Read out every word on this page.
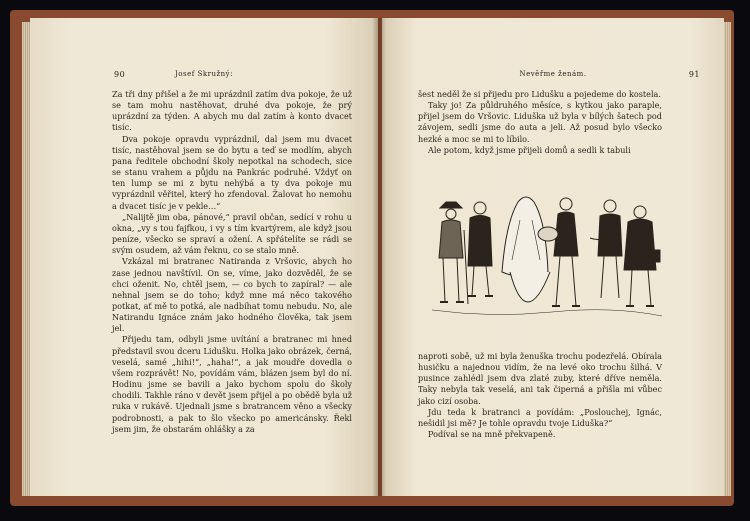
90	Josef Skružný:

Za tři dny přišel a že mi uprázdnil zatím dva pokoje, že už se tam mohu nastěhovat, druhé dva pokoje, že prý uprázdní za týden. A abych mu dal zatím à konto dvacet tisíc.

Dva pokoje opravdu vyprázdnil, dal jsem mu dvacet tisíc, nastěhoval jsem se do bytu a teď se modlím, abych pana ředitele obchodní školy nepotkal na schodech, sice se stanu vrahem a půjdu na Pankrác podruhé. Vždyť on ten lump se mi z bytu nehýbá a ty dva pokoje mu vyprázdnil věřitel, který ho zfendoval. Žalovat ho nemohu a dvacet tisíc je v pekle…“

„Nalijtě jim oba, pánové,“ pravil občan, sedící v rohu u okna, „vy s tou fajfkou, i vy s tím kvartýrem, ale když jsou peníze, všecko se spraví a ožení. A spřátelíte se rádi se svým osudem, až vám řeknu, co se stalo mně.

Vzkázal mi bratranec Natiranda z Vršovic, abych ho zase jednou navštívil. On se, víme, jako dozvěděl, že se chci oženit. No, chtěl jsem, — co bych to zapíral? — ale nehnal jsem se do toho; když mne má něco takového potkat, ať mě to potká, ale nadbíhat tomu nebudu. No, ale Natirandu Ignáce znám jako hodného člověka, tak jsem jel.

Přijedu tam, odbyli jsme uvítání a bratranec mi hned představil svou dceru Lidušku. Holka jako obrázek, černá, veselá, samé „hihi!“, „haha!“, a jak moudře dovedla o všem rozprávět! No, povídám vám, blázen jsem byl do ní. Hodinu jsme se bavili a jako bychom spolu do školy chodili. Takhle ráno v devět jsem přijel a po obědě byla už ruka v rukávě. Ujednali jsme s bratrancem věno a všecky podrobnosti, a pak to šlo všecko po americánsky. Řekl jsem jim, že obstarám ohlášky a za

Nevěřme ženám.	91

šest neděl že si přijedu pro Lidušku a pojedeme do kostela.

Taky jo! Za půldruhého měsíce, s kytkou jako paraple, přijel jsem do Vršovic. Liduška už byla v bílých šatech pod závojem, sedli jsme do auta a jeli. Až posud bylo všecko hezké a moc se mi to líbilo.

Ale potom, když jsme přijeli domů a sedli k tabuli

naproti sobě, už mi byla ženuška trochu podezřelá. Obírala husičku a najednou vidím, že na levé oko trochu šilhá. V pusince zahlédl jsem dva zlaté zuby, které dříve neměla. Taky nebyla tak veselá, ani tak čiperná a přišla mi vůbec jako cizí osoba.

Jdu teda k bratranci a povídám: „Poslouchej, Ignác, nešidil jsi mě? Je tohle opravdu tvoje Liduška?“

Podíval se na mně překvapeně.
